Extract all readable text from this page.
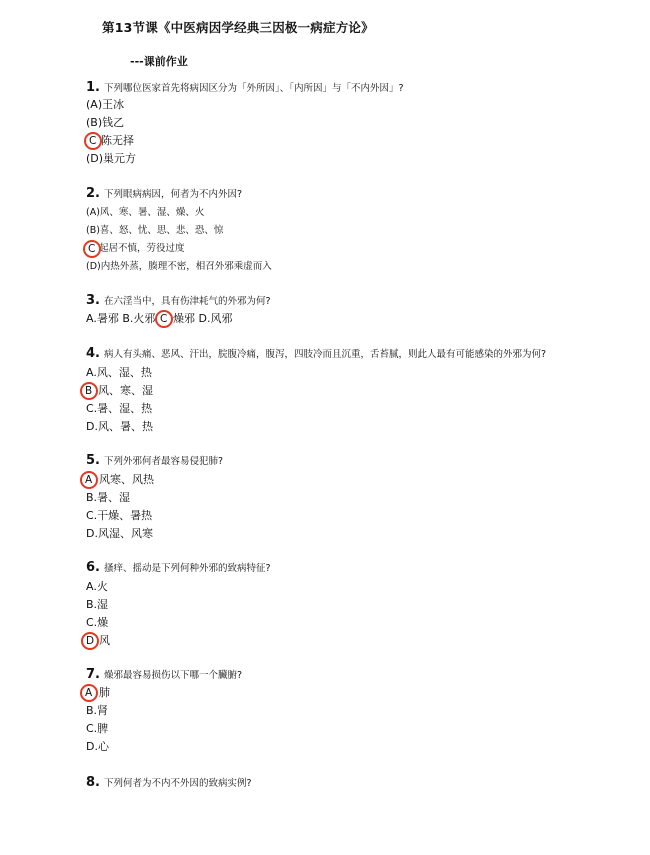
第13节课《中医病因学经典三因极一病症方论》
---课前作业
1. 下列哪位医家首先将病因区分为「外所因」、「内所因」与「不内外因」?
(A)王冰
(B)钱乙
陈无择
C
(D)巢元方
2. 下列眼病病因，何者为不内外因?
(A)风、寒、暑、湿、燥、火
(B)喜、怒、忧、思、悲、恐、惊
起居不慎，劳役过度
C
(D)内热外蒸，腠理不密，相召外邪乘虚而入
3. 在六淫当中，具有伤津耗气的外邪为何?
A.暑邪 B.火邪 C 燥邪 D.风邪
4. 病人有头痛、恶风、汗出，脘腹冷痛，腹泻，四肢冷而且沉重，舌苔腻，则此人最有可能感染的外邪为何?
A.风、湿、热
风、寒、湿
B
C.暑、湿、热
D.风、暑、热
5. 下列外邪何者最容易侵犯肺?
风寒、风热
A
B.暑、湿
C.干燥、暑热
D.风湿、风寒
6. 搔痒、摇动是下列何种外邪的致病特征?
A.火
B.湿
C.燥
风
D
7. 燥邪最容易损伤以下哪一个臟腑?
肺
A
B.肾
C.脾
D.心
8. 下列何者为不内不外因的致病实例?
